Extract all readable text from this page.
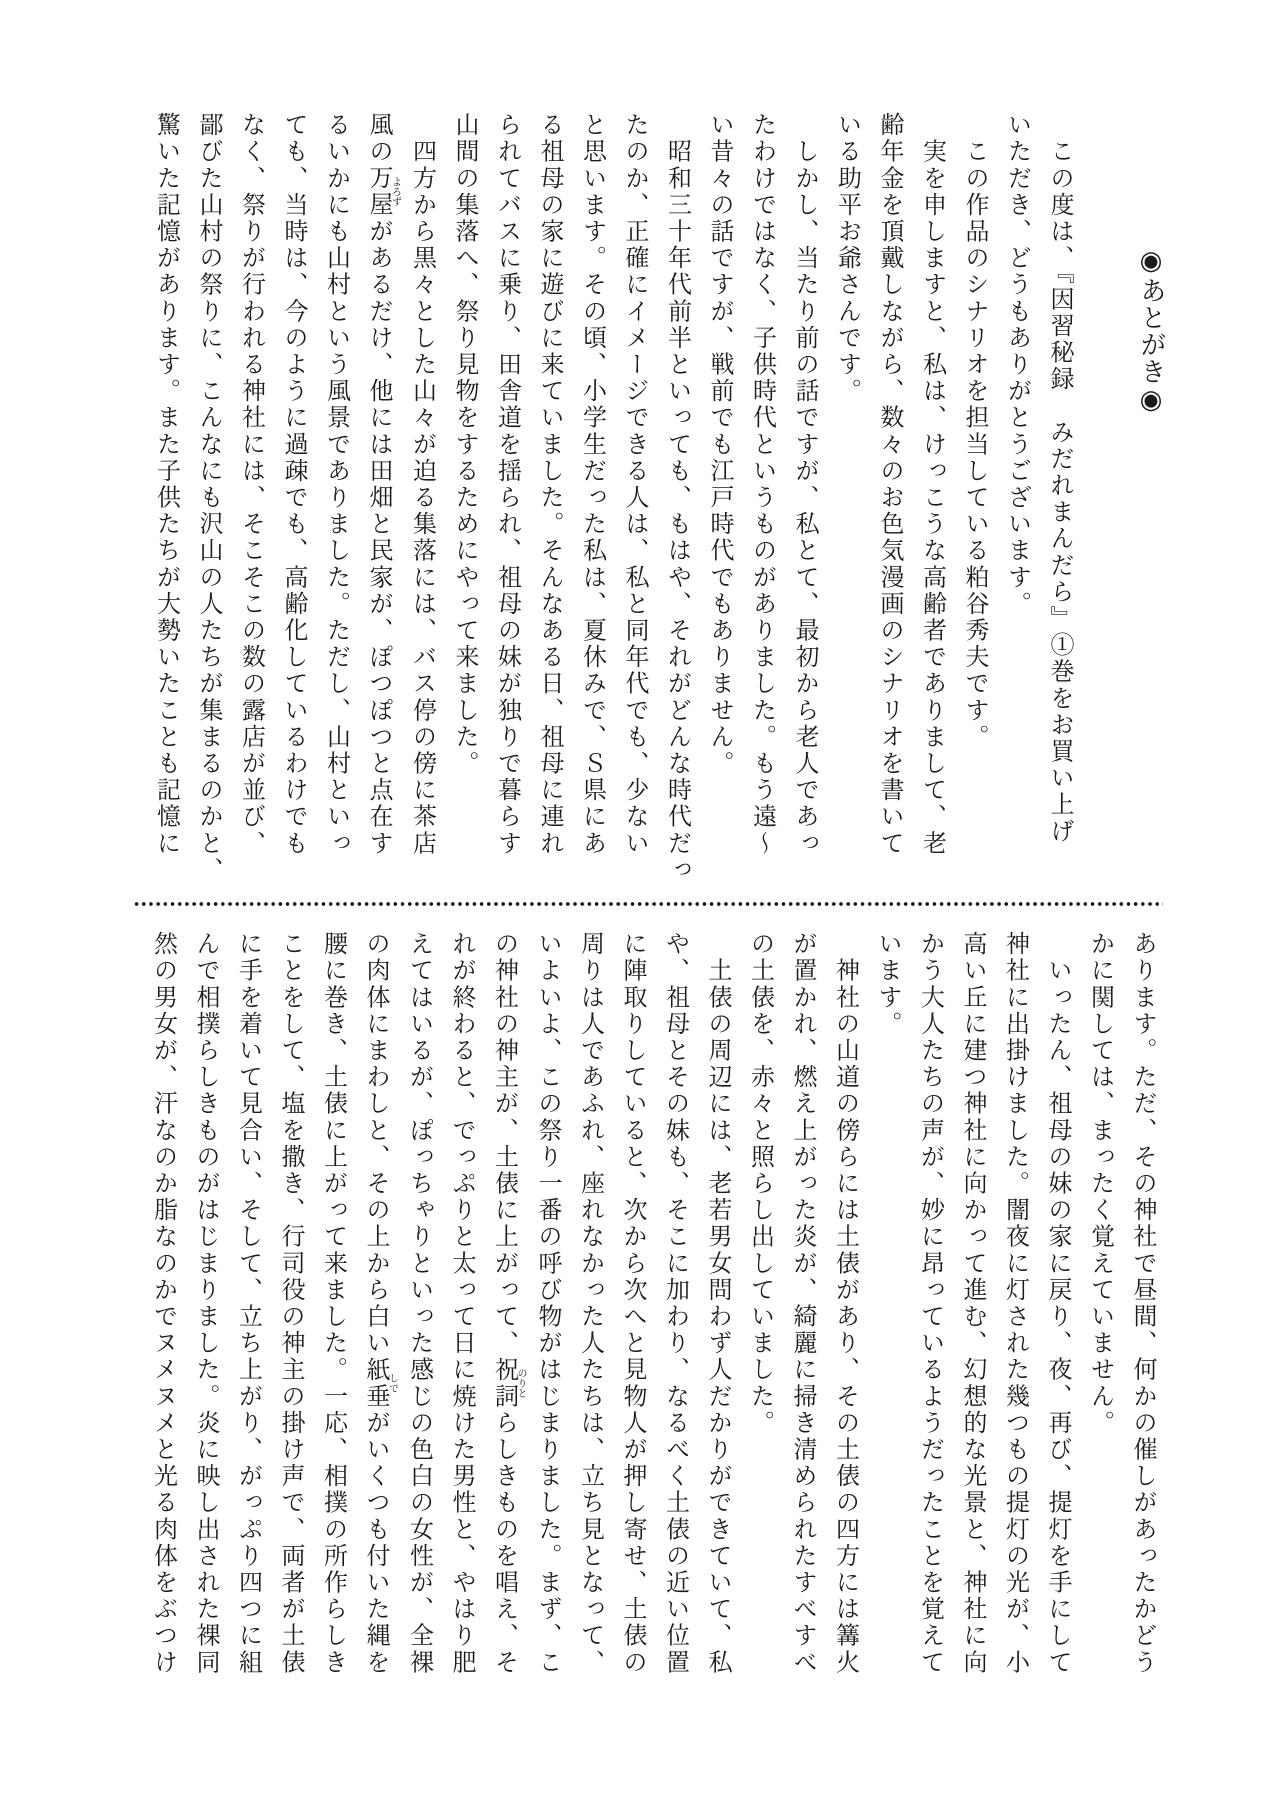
◉あとがき◉
　この度は、『因習秘録　みだれまんだら』①巻をお買い上げ
いただき、どうもありがとうございます。
　この作品のシナリオを担当している粕谷秀夫です。
　実を申しますと、私は、けっこうな高齢者でありまして、老
齢年金を頂戴しながら、数々のお色気漫画のシナリオを書いて
いる助平お爺さんです。
　しかし、当たり前の話ですが、私とて、最初から老人であっ
たわけではなく、子供時代というものがありました。もう遠～
い昔々の話ですが、戦前でも江戸時代でもありません。
　昭和三十年代前半といっても、もはや、それがどんな時代だっ
たのか、正確にイメージできる人は、私と同年代でも、少ない
と思います。その頃、小学生だった私は、夏休みで、Ｓ県にあ
る祖母の家に遊びに来ていました。そんなある日、祖母に連れ
られてバスに乗り、田舎道を揺られ、祖母の妹が独りで暮らす
山間の集落へ、祭り見物をするためにやって来ました。
　四方から黒々とした山々が迫る集落には、バス停の傍に茶店
風の万屋よろずがあるだけ、他には田畑と民家が、ぽつぽつと点在す
るいかにも山村という風景でありました。ただし、山村といっ
ても、当時は、今のように過疎でも、高齢化しているわけでも
なく、祭りが行われる神社には、そこそこの数の露店が並び、
鄙びた山村の祭りに、こんなにも沢山の人たちが集まるのかと、
驚いた記憶があります。また子供たちが大勢いたことも記憶に
あります。ただ、その神社で昼間、何かの催しがあったかどう
かに関しては、まったく覚えていません。
　いったん、祖母の妹の家に戻り、夜、再び、提灯を手にして
神社に出掛けました。闇夜に灯された幾つもの提灯の光が、小
高い丘に建つ神社に向かって進む、幻想的な光景と、神社に向
かう大人たちの声が、妙に昂っているようだったことを覚えて
います。
　神社の山道の傍らには土俵があり、その土俵の四方には篝火
が置かれ、燃え上がった炎が、綺麗に掃き清められたすべすべ
の土俵を、赤々と照らし出していました。
　土俵の周辺には、老若男女問わず人だかりができていて、私
や、祖母とその妹も、そこに加わり、なるべく土俵の近い位置
に陣取りしていると、次から次へと見物人が押し寄せ、土俵の
周りは人であふれ、座れなかった人たちは、立ち見となって、
いよいよ、この祭り一番の呼び物がはじまりました。まず、こ
の神社の神主が、土俵に上がって、祝詞のりとらしきものを唱え、そ
れが終わると、でっぷりと太って日に焼けた男性と、やはり肥
えてはいるが、ぽっちゃりといった感じの色白の女性が、全裸
の肉体にまわしと、その上から白い紙垂しでがいくつも付いた縄を
腰に巻き、土俵に上がって来ました。一応、相撲の所作らしき
ことをして、塩を撒き、行司役の神主の掛け声で、両者が土俵
に手を着いて見合い、そして、立ち上がり、がっぷり四つに組
んで相撲らしきものがはじまりました。炎に映し出された裸同
然の男女が、汗なのか脂なのかでヌメヌメと光る肉体をぶつけ
